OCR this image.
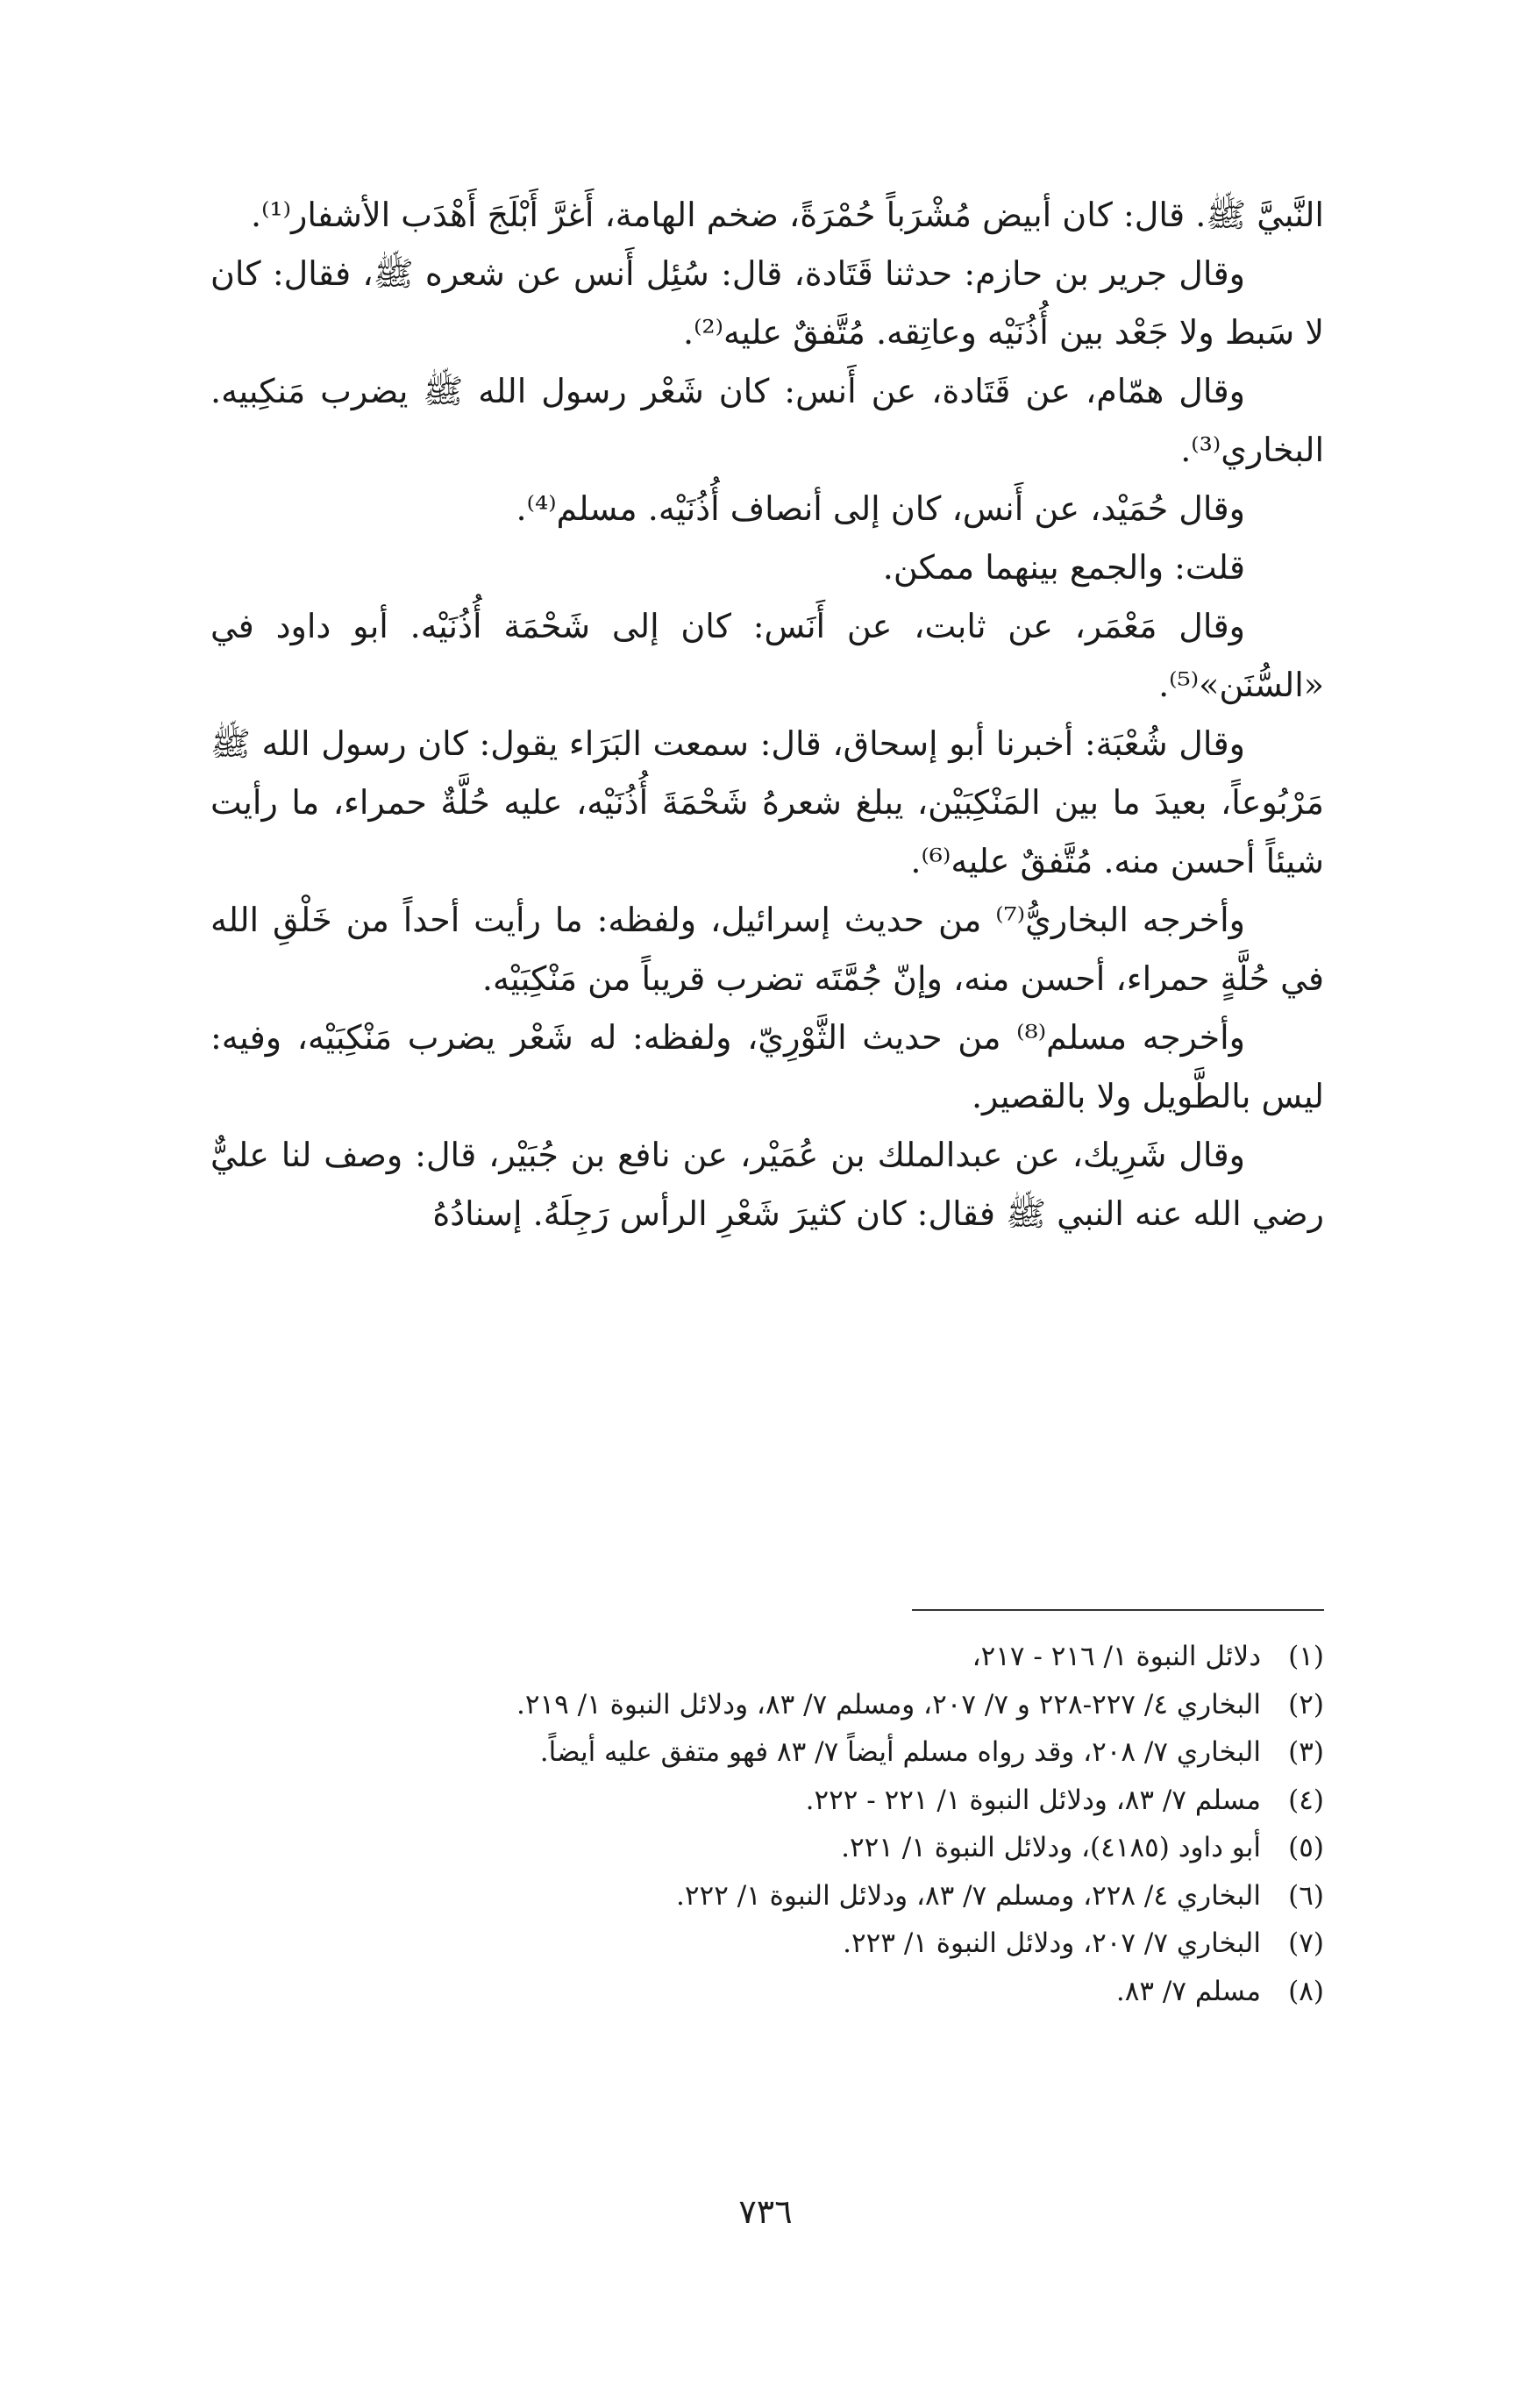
النَّبيَّ ﷺ. قال: كان أبيض مُشْرَباً حُمْرَةً، ضخم الهامة، أَغرَّ أَبْلَجَ أَهْدَب الأشفار⁽¹⁾.

وقال جرير بن حازم: حدثنا قَتَادة، قال: سُئِل أَنس عن شعره ﷺ، فقال: كان لا سَبط ولا جَعْد بين أُذُنَيْه وعاتِقه. مُتَّفقٌ عليه⁽²⁾.

وقال همّام، عن قَتَادة، عن أَنس: كان شَعْر رسول الله ﷺ يضرب مَنكِبيه. البخاري⁽³⁾.

وقال حُمَيْد، عن أَنس، كان إلى أنصاف أُذُنَيْه. مسلم⁽⁴⁾.

قلت: والجمع بينهما ممكن.

وقال مَعْمَر، عن ثابت، عن أَنَس: كان إلى شَحْمَة أُذُنَيْه. أبو داود في «السُّنَن»⁽⁵⁾.

وقال شُعْبَة: أخبرنا أبو إسحاق، قال: سمعت البَرَاء يقول: كان رسول الله ﷺ مَرْبُوعاً، بعيدَ ما بين المَنْكِبَيْن، يبلغ شعرهُ شَحْمَةَ أُذُنَيْه، عليه حُلَّةٌ حمراء، ما رأيت شيئاً أحسن منه. مُتَّفقٌ عليه⁽⁶⁾.

وأخرجه البخاريُّ⁽⁷⁾ من حديث إسرائيل، ولفظه: ما رأيت أحداً من خَلْقِ الله في حُلَّةٍ حمراء، أحسن منه، وإنّ جُمَّتَه تضرب قريباً من مَنْكِبَيْه.

وأخرجه مسلم⁽⁸⁾ من حديث الثَّوْرِيّ، ولفظه: له شَعْر يضرب مَنْكِبَيْه، وفيه: ليس بالطَّويل ولا بالقصير.

وقال شَرِيك، عن عبدالملك بن عُمَيْر، عن نافع بن جُبَيْر، قال: وصف لنا عليٌّ رضي الله عنه النبي ﷺ فقال: كان كثيرَ شَعْرِ الرأس رَجِلَهُ. إسنادُهُ

(١)
دلائل النبوة ١/ ٢١٦ - ٢١٧،
(٢)
البخاري ٤/ ٢٢٧-٢٢٨ و ٧/ ٢٠٧، ومسلم ٧/ ٨٣، ودلائل النبوة ١/ ٢١٩.
(٣)
البخاري ٧/ ٢٠٨، وقد رواه مسلم أيضاً ٧/ ٨٣ فهو متفق عليه أيضاً.
(٤)
مسلم ٧/ ٨٣، ودلائل النبوة ١/ ٢٢١ - ٢٢٢.
(٥)
أبو داود (٤١٨٥)، ودلائل النبوة ١/ ٢٢١.
(٦)
البخاري ٤/ ٢٢٨، ومسلم ٧/ ٨٣، ودلائل النبوة ١/ ٢٢٢.
(٧)
البخاري ٧/ ٢٠٧، ودلائل النبوة ١/ ٢٢٣.
(٨)
مسلم ٧/ ٨٣.
٧٣٦
